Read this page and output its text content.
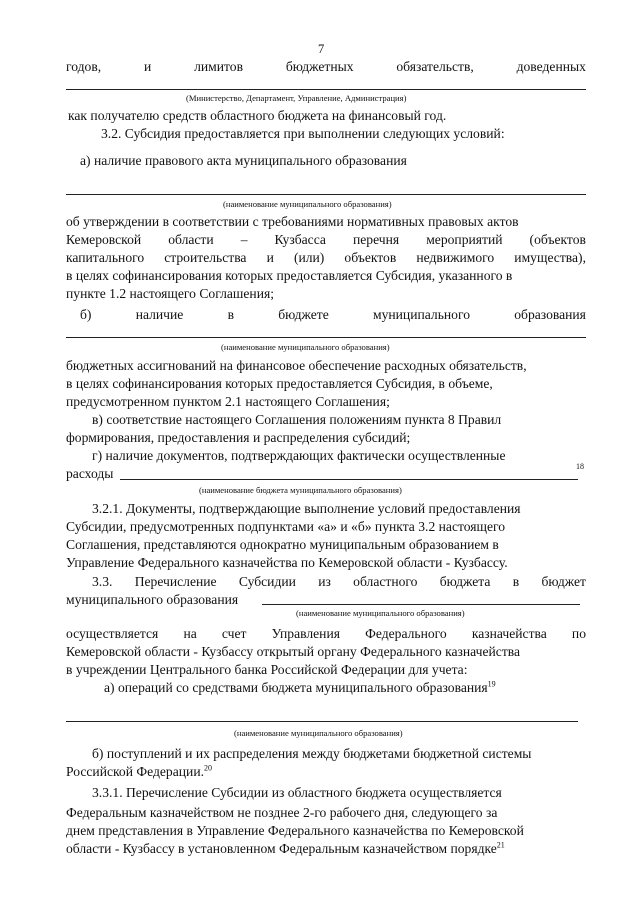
7
годов,	и	лимитов	бюджетных	обязательств,	доведенных
(Министерство, Департамент, Управление, Администрация)
как получателю средств областного бюджета на финансовый год.
3.2. Субсидия предоставляется при выполнении следующих условий:
а) наличие правового акта муниципального образования
(наименование муниципального образования)
об утверждении в соответствии с требованиями нормативных правовых актов
Кемеровской области – Кузбасса перечня мероприятий (объектов
капитального строительства и (или) объектов недвижимого имущества),
в целях софинансирования которых предоставляется Субсидия, указанного в
пункте 1.2 настоящего Соглашения;
б)	наличие	в	бюджете	муниципального	образования
(наименование муниципального образования)
бюджетных ассигнований на финансовое обеспечение расходных обязательств,
в целях софинансирования которых предоставляется Субсидия, в объеме,
предусмотренном пунктом 2.1 настоящего Соглашения;
в) соответствие настоящего Соглашения положениям пункта 8 Правил
формирования, предоставления и распределения субсидий;
г) наличие документов, подтверждающих фактически осуществленные
расходы	18
(наименование бюджета муниципального образования)
3.2.1. Документы, подтверждающие выполнение условий предоставления
Субсидии, предусмотренных подпунктами «а» и «б» пункта 3.2 настоящего
Соглашения, представляются однократно муниципальным образованием в
Управление Федерального казначейства по Кемеровской области - Кузбассу.
3.3. Перечисление Субсидии из областного бюджета в бюджет
муниципального образования
(наименование муниципального образования)
осуществляется на счет Управления Федерального казначейства по
Кемеровской области - Кузбассу открытый органу Федерального казначейства
в учреждении Центрального банка Российской Федерации для учета:
а) операций со средствами бюджета муниципального образования$^{19}$
(наименование муниципального образования)
б) поступлений и их распределения между бюджетами бюджетной системы
Российской Федерации.$^{20}$
3.3.1. Перечисление Субсидии из областного бюджета осуществляется
Федеральным казначейством не позднее 2-го рабочего дня, следующего за
днем представления в Управление Федерального казначейства по Кемеровской
области - Кузбассу в установленном Федеральным казначейством порядке$^{21}$
